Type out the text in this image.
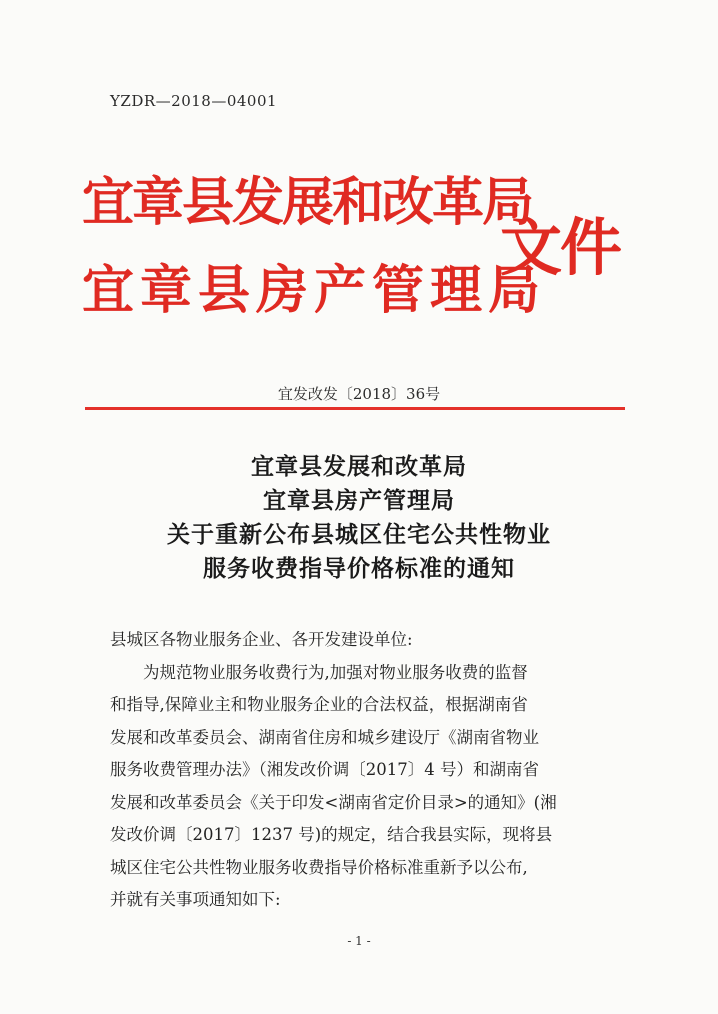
YZDR—2018—04001
宜章县发展和改革局
宜章县房产管理局
文件
宜发改发〔2018〕36号
宜章县发展和改革局
宜章县房产管理局
关于重新公布县城区住宅公共性物业
服务收费指导价格标准的通知
县城区各物业服务企业、各开发建设单位:
为规范物业服务收费行为,加强对物业服务收费的监督
和指导,保障业主和物业服务企业的合法权益，根据湖南省
发展和改革委员会、湖南省住房和城乡建设厅《湖南省物业
服务收费管理办法》（湘发改价调〔2017〕4 号）和湖南省
发展和改革委员会《关于印发<湖南省定价目录>的通知》(湘
发改价调〔2017〕1237 号)的规定，结合我县实际，现将县
城区住宅公共性物业服务收费指导价格标准重新予以公布,
并就有关事项通知如下:
- 1 -
